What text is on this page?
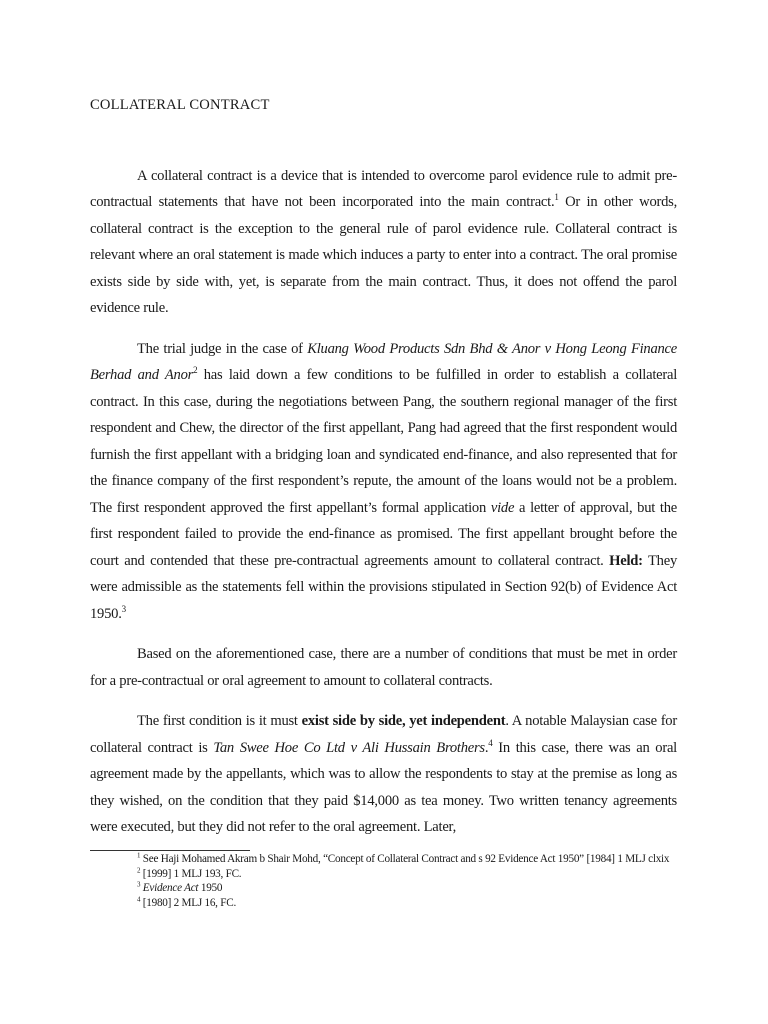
COLLATERAL CONTRACT

A collateral contract is a device that is intended to overcome parol evidence rule to admit pre-contractual statements that have not been incorporated into the main contract.$^1$ Or in other words, collateral contract is the exception to the general rule of parol evidence rule. Collateral contract is relevant where an oral statement is made which induces a party to enter into a contract. The oral promise exists side by side with, yet, is separate from the main contract. Thus, it does not offend the parol evidence rule.

The trial judge in the case of Kluang Wood Products Sdn Bhd & Anor v Hong Leong Finance Berhad and Anor$^2$ has laid down a few conditions to be fulfilled in order to establish a collateral contract. In this case, during the negotiations between Pang, the southern regional manager of the first respondent and Chew, the director of the first appellant, Pang had agreed that the first respondent would furnish the first appellant with a bridging loan and syndicated end-finance, and also represented that for the finance company of the first respondent’s repute, the amount of the loans would not be a problem. The first respondent approved the first appellant’s formal application vide a letter of approval, but the first respondent failed to provide the end-finance as promised. The first appellant brought before the court and contended that these pre-contractual agreements amount to collateral contract. Held: They were admissible as the statements fell within the provisions stipulated in Section 92(b) of Evidence Act 1950.$^3$

Based on the aforementioned case, there are a number of conditions that must be met in order for a pre-contractual or oral agreement to amount to collateral contracts.

The first condition is it must exist side by side, yet independent. A notable Malaysian case for collateral contract is Tan Swee Hoe Co Ltd v Ali Hussain Brothers.$^4$ In this case, there was an oral agreement made by the appellants, which was to allow the respondents to stay at the premise as long as they wished, on the condition that they paid $14,000 as tea money. Two written tenancy agreements were executed, but they did not refer to the oral agreement. Later,

$^1$ See Haji Mohamed Akram b Shair Mohd, “Concept of Collateral Contract and s 92 Evidence Act 1950” [1984] 1 MLJ clxix

$^2$ [1999] 1 MLJ 193, FC.

$^3$ Evidence Act 1950

$^4$ [1980] 2 MLJ 16, FC.
